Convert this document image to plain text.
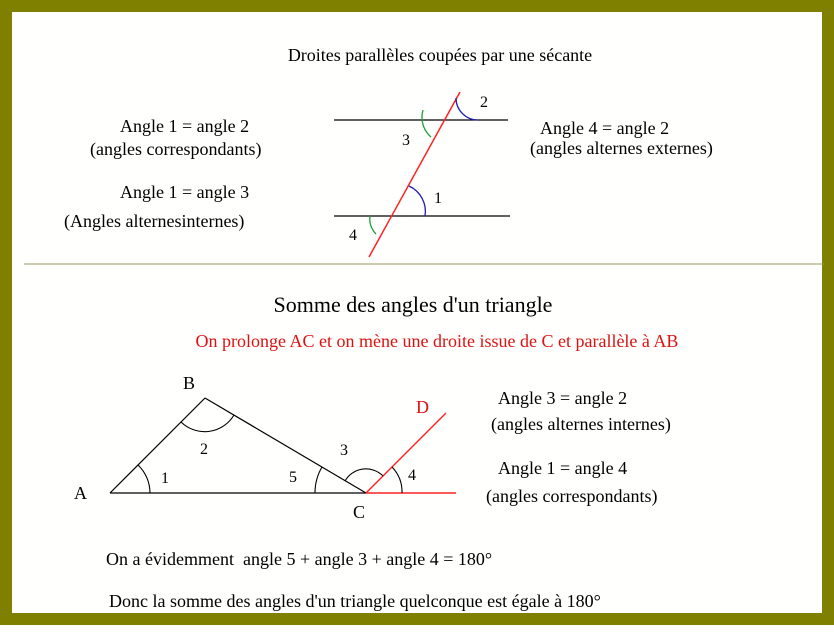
Droites parallèles coupées par une sécante
2
3
1
4
Angle 1 = angle 2
(angles correspondants)
Angle 1 = angle 3
(Angles alternesinternes)
Angle 4 = angle 2
(angles alternes externes)
Somme des angles d'un triangle
On prolonge AC et on mène une droite issue de C et parallèle à AB
A
B
C
D
1
2	3
5	4
Angle 3 = angle 2
(angles alternes internes)
Angle 1 = angle 4
(angles correspondants)
On a évidemment  angle 5 + angle 3 + angle 4 = 180°
Donc la somme des angles d'un triangle quelconque est égale à 180°
